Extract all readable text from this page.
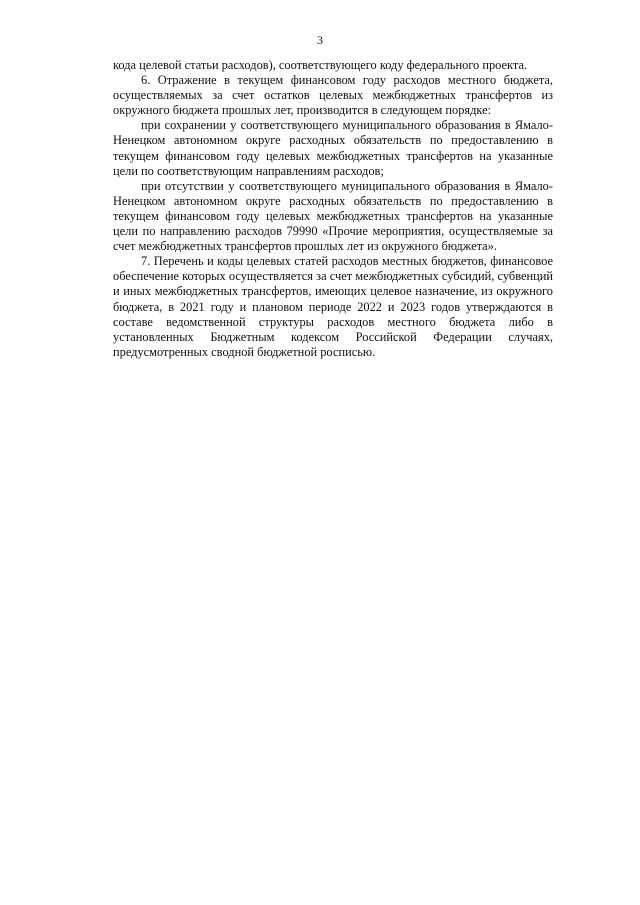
3

кода целевой статьи расходов), соответствующего коду федерального проекта.

6. Отражение в текущем финансовом году расходов местного бюджета, осуществляемых за счет остатков целевых межбюджетных трансфертов из окружного бюджета прошлых лет, производится в следующем порядке:

при сохранении у соответствующего муниципального образования в Ямало-Ненецком автономном округе расходных обязательств по предоставлению в текущем финансовом году целевых межбюджетных трансфертов на указанные цели по соответствующим направлениям расходов;

при отсутствии у соответствующего муниципального образования в Ямало-Ненецком автономном округе расходных обязательств по предоставлению в текущем финансовом году целевых межбюджетных трансфертов на указанные цели по направлению расходов 79990 «Прочие мероприятия, осуществляемые за счет межбюджетных трансфертов прошлых лет из окружного бюджета».

7. Перечень и коды целевых статей расходов местных бюджетов, финансовое обеспечение которых осуществляется за счет межбюджетных субсидий, субвенций и иных межбюджетных трансфертов, имеющих целевое назначение, из окружного бюджета, в 2021 году и плановом периоде 2022 и 2023 годов утверждаются в составе ведомственной структуры расходов местного бюджета либо в установленных Бюджетным кодексом Российской Федерации случаях, предусмотренных сводной бюджетной росписью.
